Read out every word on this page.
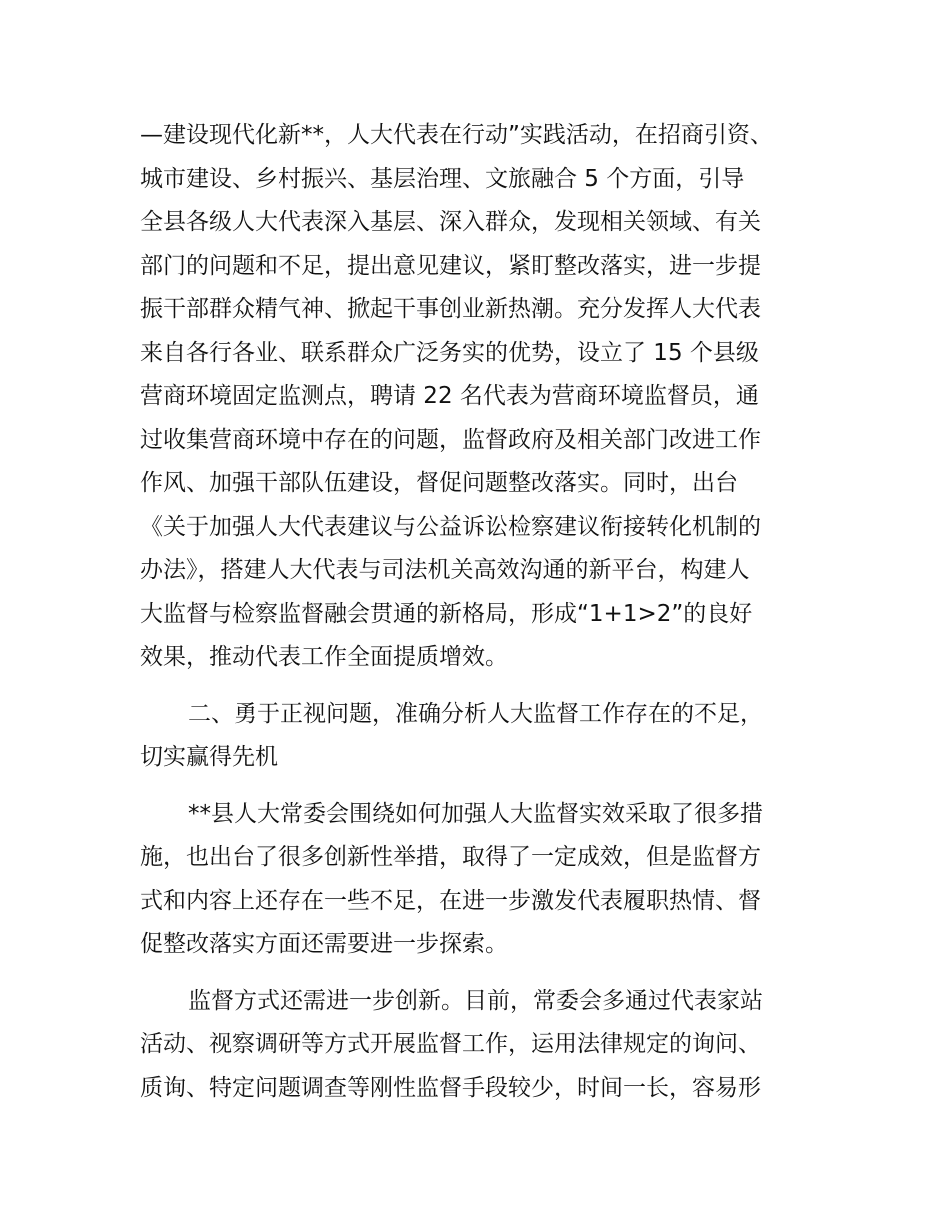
—建设现代化新**，人大代表在行动”实践活动，在招商引资、
城市建设、乡村振兴、基层治理、文旅融合 5 个方面，引导
全县各级人大代表深入基层、深入群众，发现相关领域、有关
部门的问题和不足，提出意见建议，紧盯整改落实，进一步提
振干部群众精气神、掀起干事创业新热潮。充分发挥人大代表
来自各行各业、联系群众广泛务实的优势，设立了 15 个县级
营商环境固定监测点，聘请 22 名代表为营商环境监督员，通
过收集营商环境中存在的问题，监督政府及相关部门改进工作
作风、加强干部队伍建设，督促问题整改落实。同时，出台
《关于加强人大代表建议与公益诉讼检察建议衔接转化机制的
办法》，搭建人大代表与司法机关高效沟通的新平台，构建人
大监督与检察监督融会贯通的新格局，形成“1+1>2”的良好
效果，推动代表工作全面提质增效。
二、勇于正视问题，准确分析人大监督工作存在的不足，
切实赢得先机
**县人大常委会围绕如何加强人大监督实效采取了很多措
施，也出台了很多创新性举措，取得了一定成效，但是监督方
式和内容上还存在一些不足，在进一步激发代表履职热情、督
促整改落实方面还需要进一步探索。
监督方式还需进一步创新。目前，常委会多通过代表家站
活动、视察调研等方式开展监督工作，运用法律规定的询问、
质询、特定问题调查等刚性监督手段较少，时间一长，容易形
